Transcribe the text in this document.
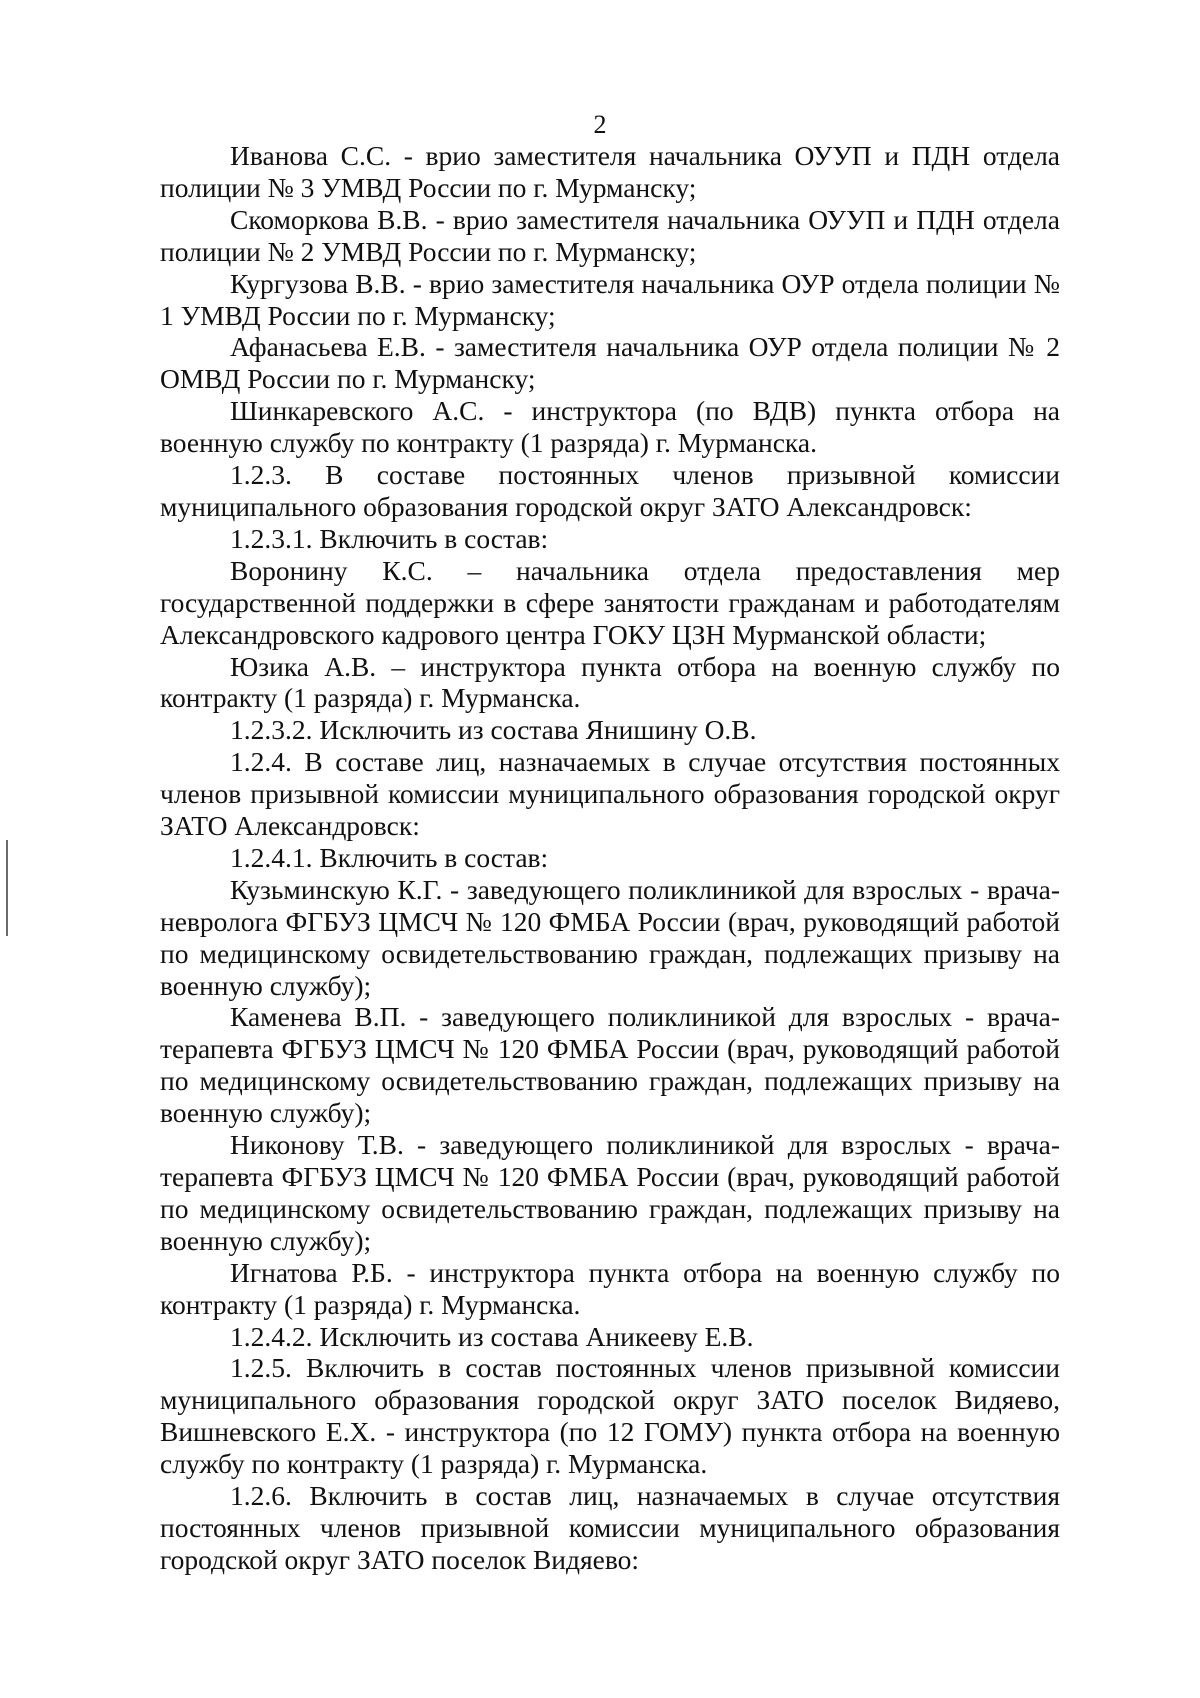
2

Иванова С.С. - врио заместителя начальника ОУУП и ПДН отдела полиции № 3 УМВД России по г. Мурманску;

Скоморкова В.В. - врио заместителя начальника ОУУП и ПДН отдела полиции № 2 УМВД России по г. Мурманску;

Кургузова В.В. - врио заместителя начальника ОУР отдела полиции № 1 УМВД России по г. Мурманску;

Афанасьева Е.В. - заместителя начальника ОУР отдела полиции № 2 ОМВД России по г. Мурманску;

Шинкаревского А.С. - инструктора (по ВДВ) пункта отбора на военную службу по контракту (1 разряда) г. Мурманска.

1.2.3. В составе постоянных членов призывной комиссии муниципального образования городской округ ЗАТО Александровск:

1.2.3.1. Включить в состав:

Воронину К.С. – начальника отдела предоставления мер государственной поддержки в сфере занятости гражданам и работодателям Александровского кадрового центра ГОКУ ЦЗН Мурманской области;

Юзика А.В. – инструктора пункта отбора на военную службу по контракту (1 разряда) г. Мурманска.

1.2.3.2. Исключить из состава Янишину О.В.

1.2.4. В составе лиц, назначаемых в случае отсутствия постоянных членов призывной комиссии муниципального образования городской округ ЗАТО Александровск:

1.2.4.1. Включить в состав:

Кузьминскую К.Г. - заведующего поликлиникой для взрослых - врача-невролога ФГБУЗ ЦМСЧ № 120 ФМБА России (врач, руководящий работой по медицинскому освидетельствованию граждан, подлежащих призыву на военную службу);

Каменева В.П. - заведующего поликлиникой для взрослых - врача-терапевта ФГБУЗ ЦМСЧ № 120 ФМБА России (врач, руководящий работой по медицинскому освидетельствованию граждан, подлежащих призыву на военную службу);

Никонову Т.В. - заведующего поликлиникой для взрослых - врача-терапевта ФГБУЗ ЦМСЧ № 120 ФМБА России (врач, руководящий работой по медицинскому освидетельствованию граждан, подлежащих призыву на военную службу);

Игнатова Р.Б. - инструктора пункта отбора на военную службу по контракту (1 разряда) г. Мурманска.

1.2.4.2. Исключить из состава Аникееву Е.В.

1.2.5. Включить в состав постоянных членов призывной комиссии муниципального образования городской округ ЗАТО поселок Видяево, Вишневского Е.Х. - инструктора (по 12 ГОМУ) пункта отбора на военную службу по контракту (1 разряда) г. Мурманска.

1.2.6. Включить в состав лиц, назначаемых в случае отсутствия постоянных членов призывной комиссии муниципального образования городской округ ЗАТО поселок Видяево:
